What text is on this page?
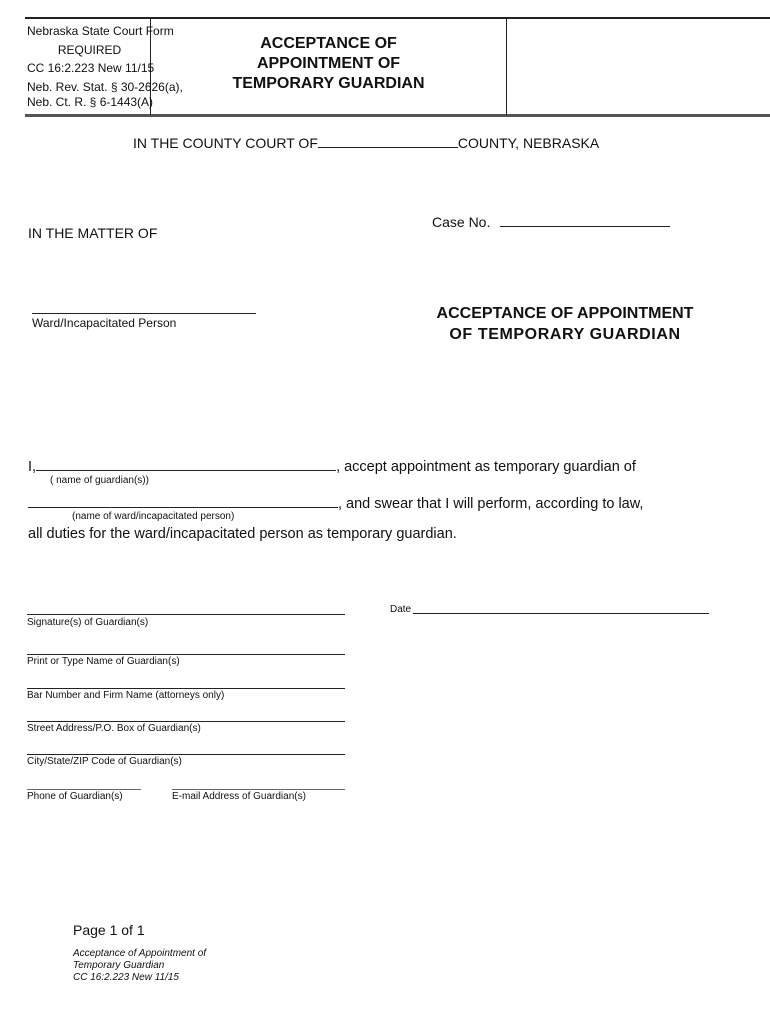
Nebraska State Court Form
REQUIRED
CC 16:2.223 New 11/15
Neb. Rev. Stat. § 30-2626(a),
Neb. Ct. R. § 6-1443(A)
ACCEPTANCE OF
APPOINTMENT OF
TEMPORARY GUARDIAN
IN THE COUNTY COURT OF	COUNTY, NEBRASKA
Case No.
IN THE MATTER OF
Ward/Incapacitated Person
ACCEPTANCE OF APPOINTMENT
OF TEMPORARY GUARDIAN
I,	, accept appointment as temporary guardian of
( name of guardian(s))
, and swear that I will perform, according to law,
(name of ward/incapacitated person)
all duties for the ward/incapacitated person as temporary guardian.
Date
Signature(s) of Guardian(s)
Print or Type Name of Guardian(s)
Bar Number and Firm Name (attorneys only)
Street Address/P.O. Box of Guardian(s)
City/State/ZIP Code of Guardian(s)
Phone of Guardian(s)	E-mail Address of Guardian(s)
Page 1 of 1
Acceptance of Appointment of
Temporary Guardian
CC 16:2.223 New 11/15
